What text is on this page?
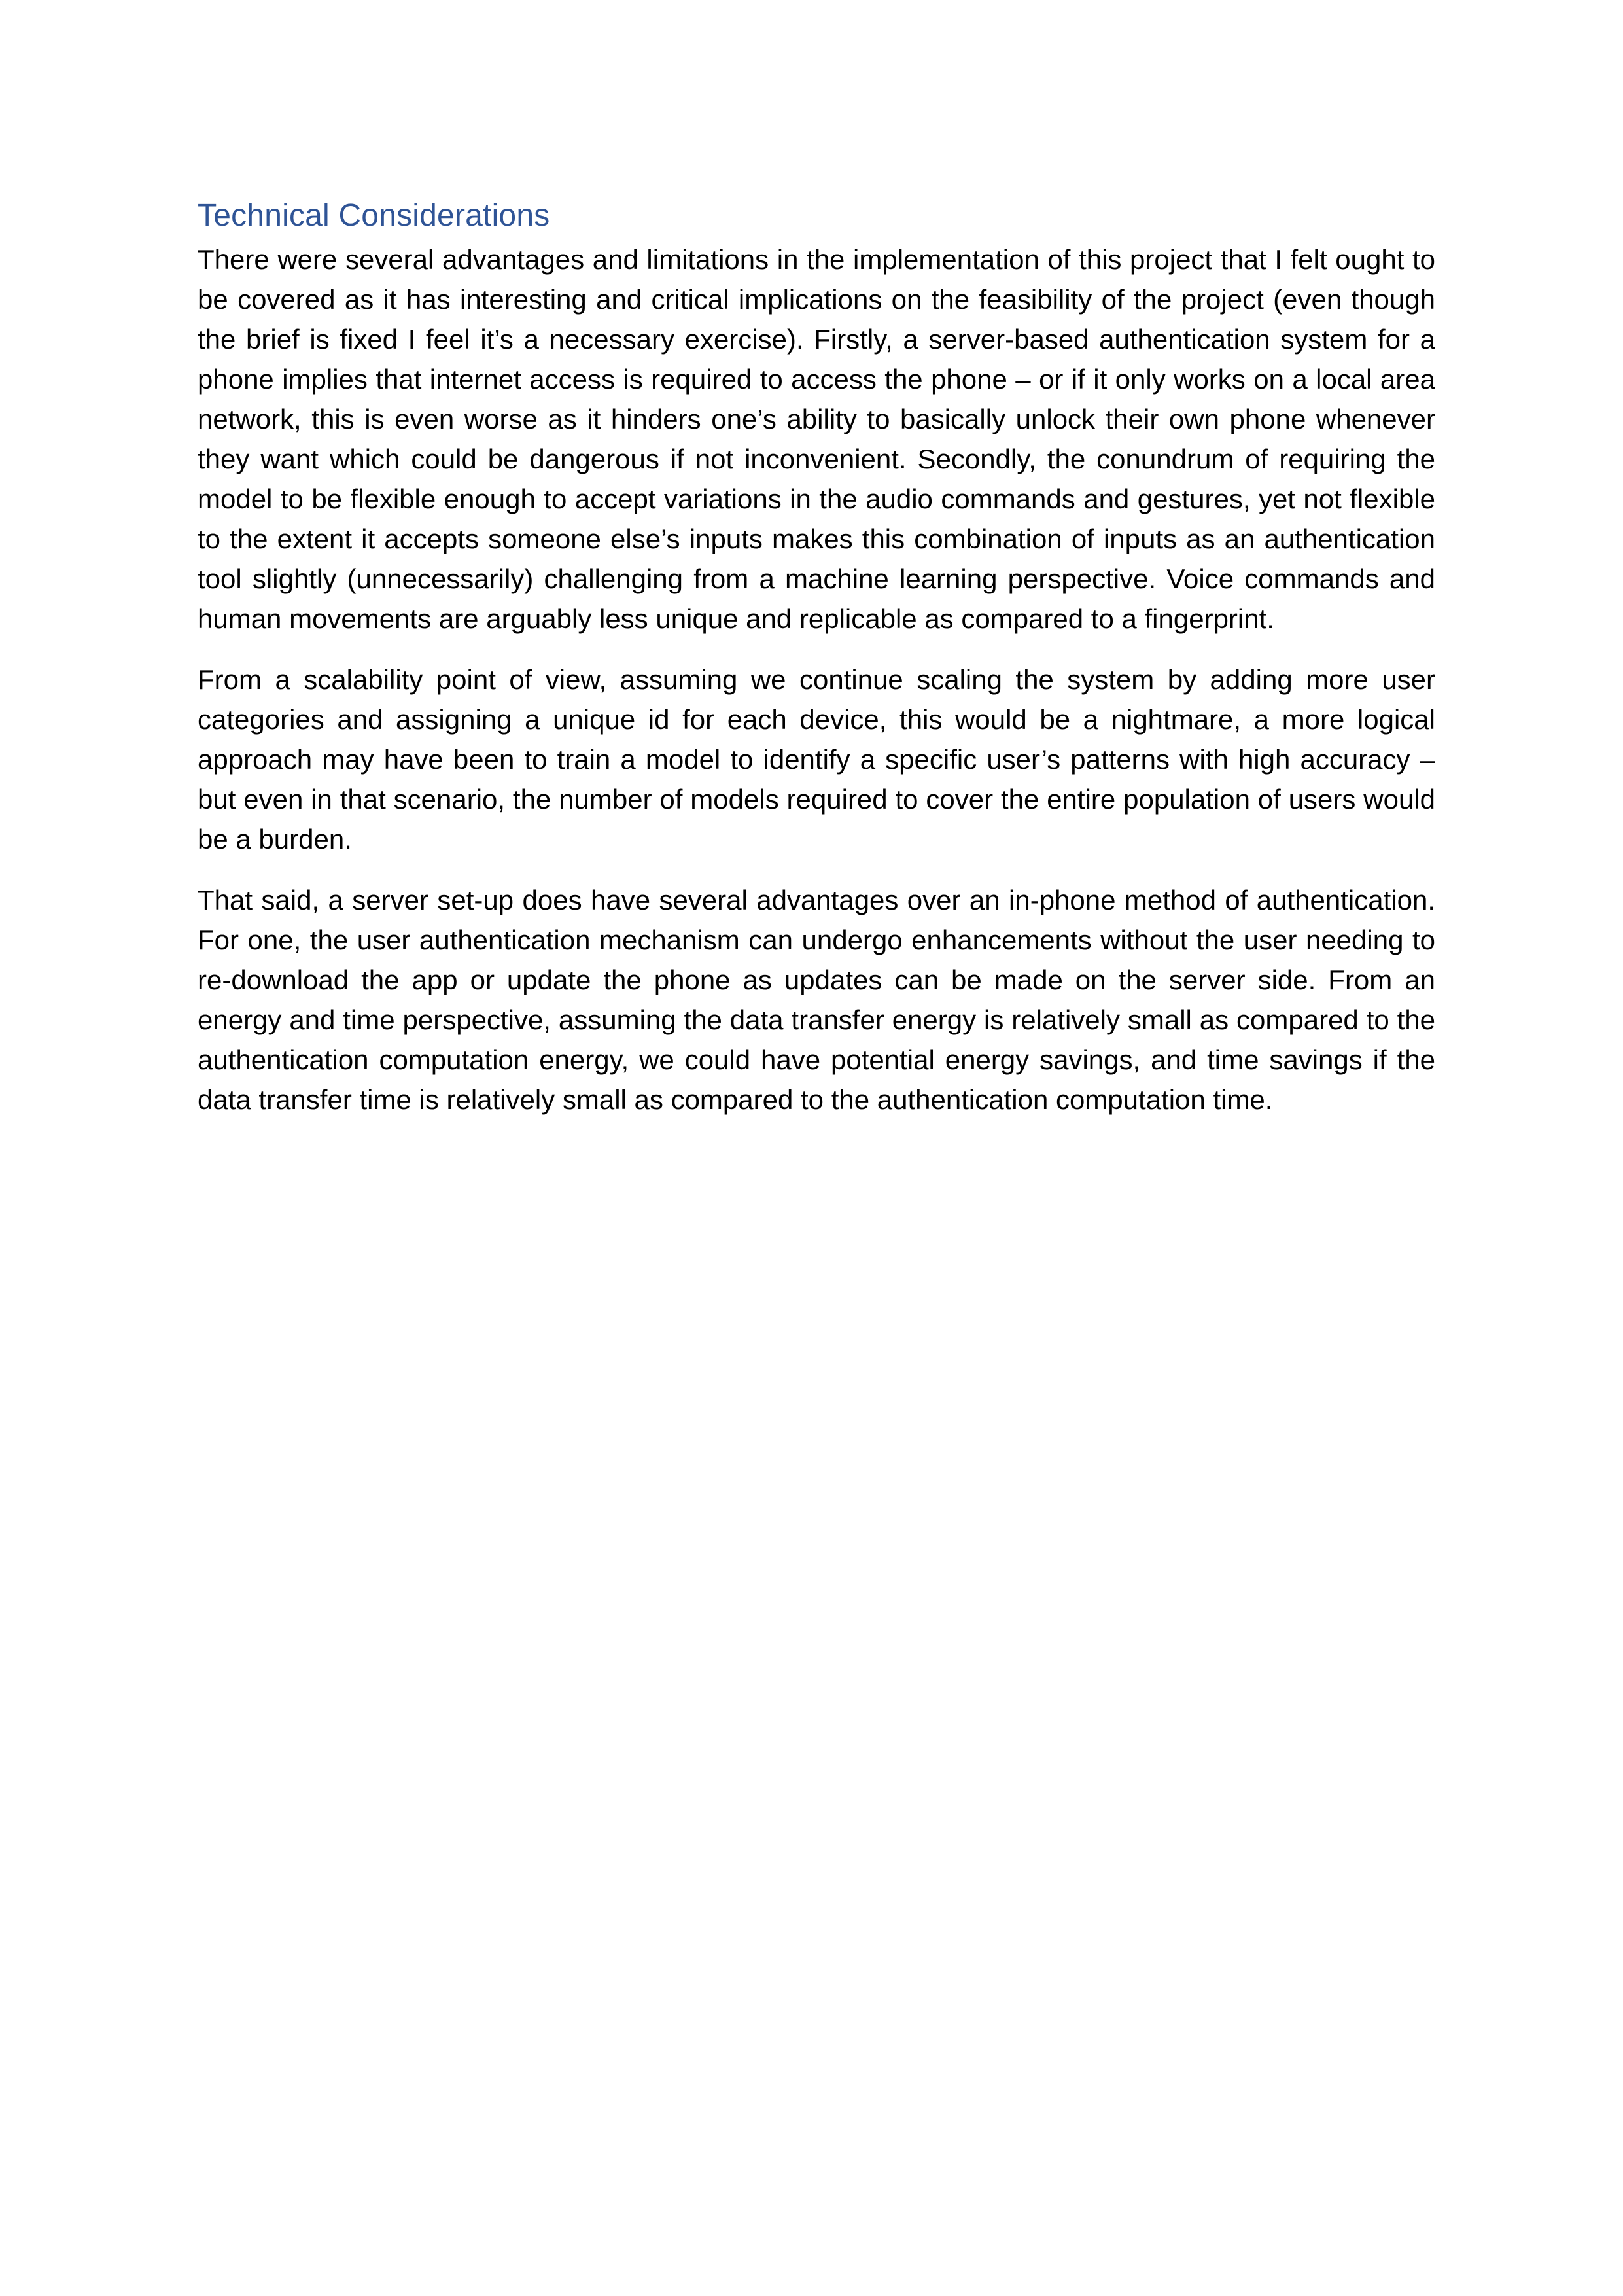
Technical Considerations

There were several advantages and limitations in the implementation of this project that I felt ought to be covered as it has interesting and critical implications on the feasibility of the project (even though the brief is fixed I feel it’s a necessary exercise). Firstly, a server-based authentication system for a phone implies that internet access is required to access the phone – or if it only works on a local area network, this is even worse as it hinders one’s ability to basically unlock their own phone whenever they want which could be dangerous if not inconvenient. Secondly, the conundrum of requiring the model to be flexible enough to accept variations in the audio commands and gestures, yet not flexible to the extent it accepts someone else’s inputs makes this combination of inputs as an authentication tool slightly (unnecessarily) challenging from a machine learning perspective. Voice commands and human movements are arguably less unique and replicable as compared to a fingerprint.

From a scalability point of view, assuming we continue scaling the system by adding more user categories and assigning a unique id for each device, this would be a nightmare, a more logical approach may have been to train a model to identify a specific user’s patterns with high accuracy – but even in that scenario, the number of models required to cover the entire population of users would be a burden.

That said, a server set-up does have several advantages over an in-phone method of authentication. For one, the user authentication mechanism can undergo enhancements without the user needing to re-download the app or update the phone as updates can be made on the server side. From an energy and time perspective, assuming the data transfer energy is relatively small as compared to the authentication computation energy, we could have potential energy savings, and time savings if the data transfer time is relatively small as compared to the authentication computation time.
